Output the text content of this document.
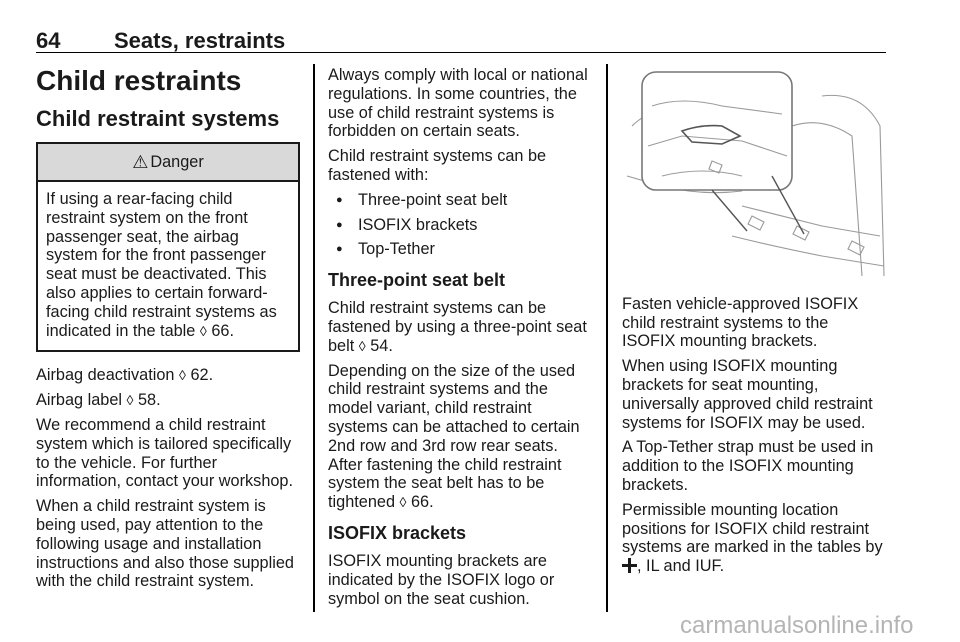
64 Seats, restraints
Child restraints
Child restraint systems
⚠ Danger
If using a rear-facing child restraint system on the front passenger seat, the airbag system for the front passenger seat must be deactivated. This also applies to certain forward-facing child restraint systems as indicated in the table ◊ 66.

Airbag deactivation ◊ 62.

Airbag label ◊ 58.

We recommend a child restraint system which is tailored specifically to the vehicle. For further information, contact your workshop.

When a child restraint system is being used, pay attention to the following usage and installation instructions and also those supplied with the child restraint system.

Always comply with local or national regulations. In some countries, the use of child restraint systems is forbidden on certain seats.

Child restraint systems can be fastened with:

● Three-point seat belt
● ISOFIX brackets
● Top-Tether
Three-point seat belt

Child restraint systems can be fastened by using a three-point seat belt ◊ 54.

Depending on the size of the used child restraint systems and the model variant, child restraint systems can be attached to certain 2nd row and 3rd row rear seats. After fastening the child restraint system the seat belt has to be tightened ◊ 66.

ISOFIX brackets

ISOFIX mounting brackets are indicated by the ISOFIX logo or symbol on the seat cushion.

Fasten vehicle-approved ISOFIX child restraint systems to the ISOFIX mounting brackets.

When using ISOFIX mounting brackets for seat mounting, universally approved child restraint systems for ISOFIX may be used.

A Top-Tether strap must be used in addition to the ISOFIX mounting brackets.

Permissible mounting location positions for ISOFIX child restraint systems are marked in the tables by , IL and IUF.

carmanualsonline.info
